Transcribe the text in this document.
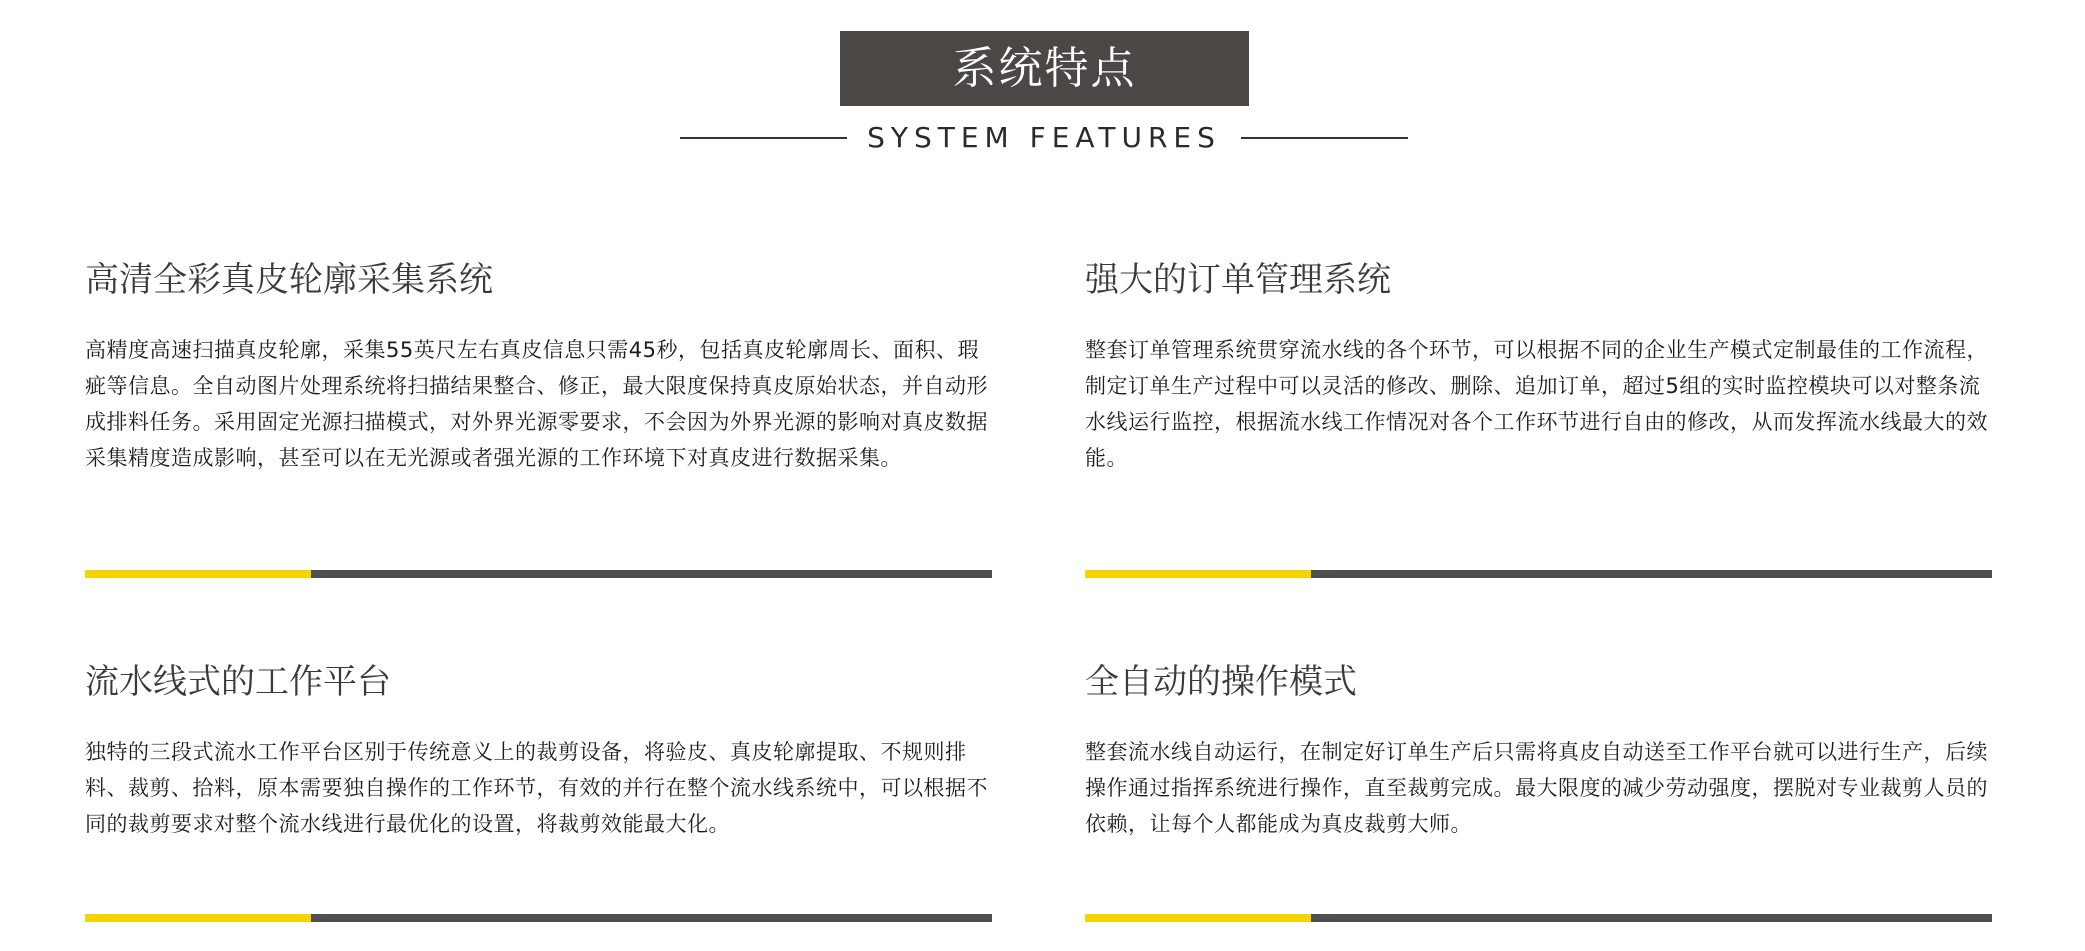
系统特点
SYSTEM FEATURES
高清全彩真皮轮廓采集系统

高精度高速扫描真皮轮廓，采集55英尺左右真皮信息只需45秒，包括真皮轮廓周长、面积、瑕疵等信息。全自动图片处理系统将扫描结果整合、修正，最大限度保持真皮原始状态，并自动形成排料任务。采用固定光源扫描模式，对外界光源零要求，不会因为外界光源的影响对真皮数据采集精度造成影响，甚至可以在无光源或者强光源的工作环境下对真皮进行数据采集。

强大的订单管理系统

整套订单管理系统贯穿流水线的各个环节，可以根据不同的企业生产模式定制最佳的工作流程，制定订单生产过程中可以灵活的修改、删除、追加订单，超过5组的实时监控模块可以对整条流水线运行监控，根据流水线工作情况对各个工作环节进行自由的修改，从而发挥流水线最大的效能。

流水线式的工作平台

独特的三段式流水工作平台区别于传统意义上的裁剪设备，将验皮、真皮轮廓提取、不规则排料、裁剪、拾料，原本需要独自操作的工作环节，有效的并行在整个流水线系统中，可以根据不同的裁剪要求对整个流水线进行最优化的设置，将裁剪效能最大化。

全自动的操作模式

整套流水线自动运行，在制定好订单生产后只需将真皮自动送至工作平台就可以进行生产，后续操作通过指挥系统进行操作，直至裁剪完成。最大限度的减少劳动强度，摆脱对专业裁剪人员的依赖，让每个人都能成为真皮裁剪大师。
